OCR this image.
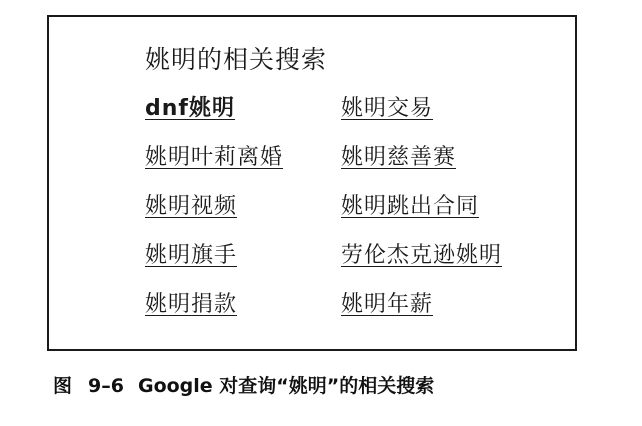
姚明的相关搜索
dnf姚明	姚明交易
姚明叶莉离婚	姚明慈善赛
姚明视频	姚明跳出合同
姚明旗手	劳伦杰克逊姚明
姚明捐款	姚明年薪
图 9–6 Google 对查询“姚明”的相关搜索
